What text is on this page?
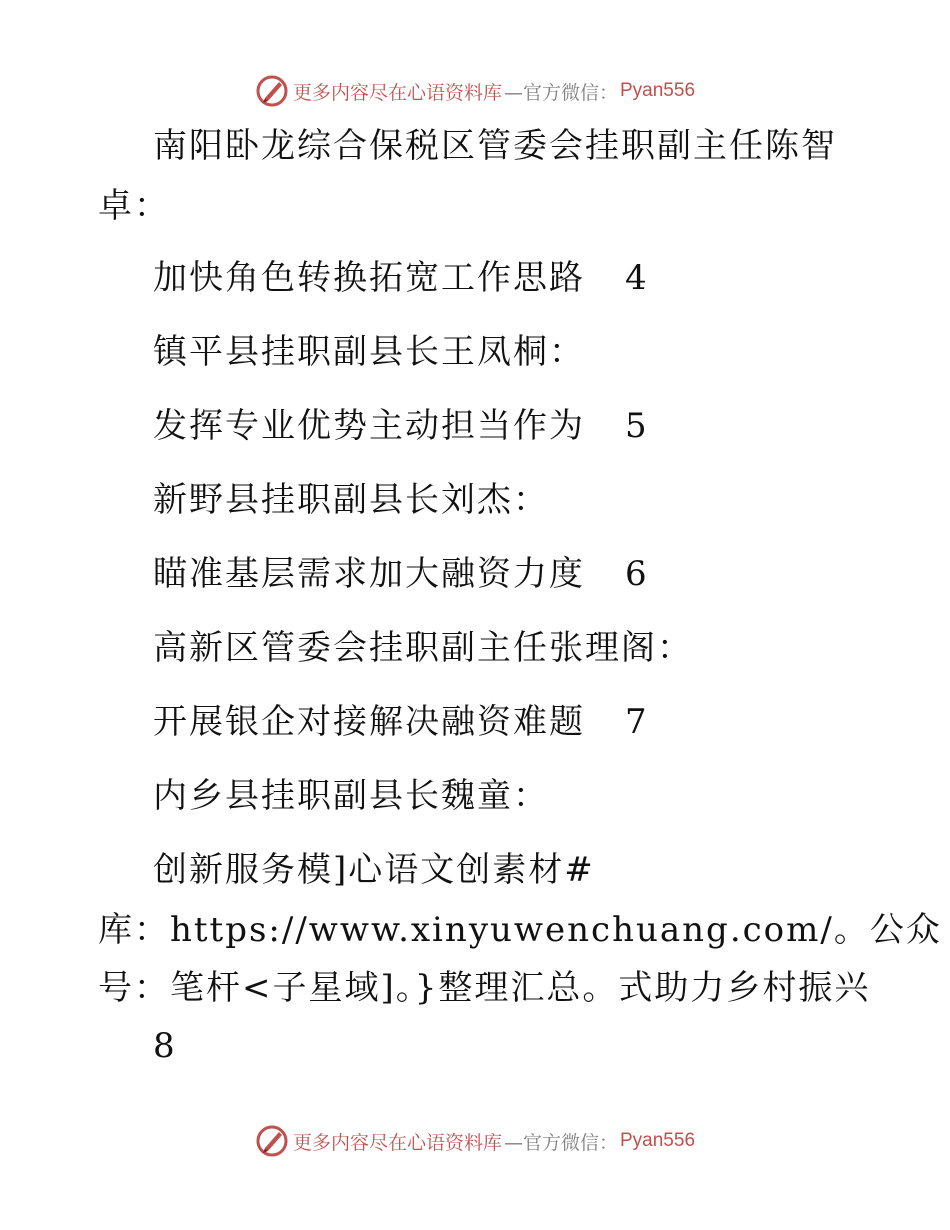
更多内容尽在心语资料库 —官方微信： Pyan556
南阳卧龙综合保税区管委会挂职副主任陈智
卓：
加快角色转换拓宽工作思路 4
镇平县挂职副县长王凤桐：
发挥专业优势主动担当作为 5
新野县挂职副县长刘杰：
瞄准基层需求加大融资力度 6
高新区管委会挂职副主任张理阁：
开展银企对接解决融资难题 7
内乡县挂职副县长魏童：
创新服务模]心语文创素材#
库：https://www.xinyuwenchuang.com/。公众
号：笔杆<子星域]。}整理汇总。式助力乡村振兴
8
更多内容尽在心语资料库 —官方微信： Pyan556
